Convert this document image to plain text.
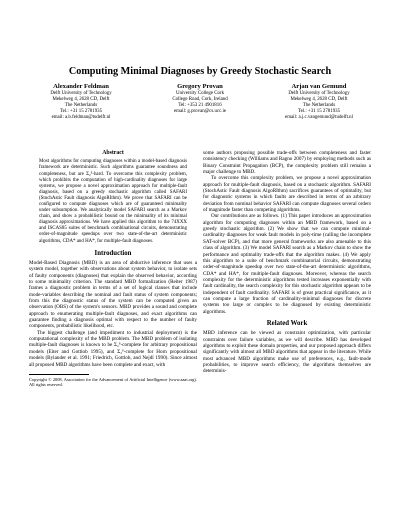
Computing Minimal Diagnoses by Greedy Stochastic Search
Alexander Feldman
Delft University of Technology
Mekelweg 4, 2628 CD, Delft
The Netherlands
Tel.: +31 15 2781935
email: a.b.feldman@tudelft.nl
Gregory Provan
University College Cork
College Road, Cork, Ireland
Tel: +353 21 4901816
email: g.provan@cs.ucc.ie
Arjan van Gemund
Delft University of Technology
Mekelweg 4, 2628 CD, Delft
The Netherlands
Tel.: +31 15 2781935
email: a.j.c.vangemund@tudelft.nl
Abstract

Most algorithms for computing diagnoses within a model-based diagnosis framework are deterministic. Such algorithms guarantee soundness and completeness, but are Σ₂ᴾ-hard. To overcome this complexity problem, which prohibits the computation of high-cardinality diagnoses for large systems, we propose a novel approximation approach for multiple-fault diagnosis, based on a greedy stochastic algorithm called SAFARI (StochAstic Fault diagnosis AlgoRIthm). We prove that SAFARI can be configured to compute diagnoses which are of guaranteed minimality under subsumption. We analytically model SAFARI search as a Markov chain, and show a probabilistic bound on the minimality of its minimal diagnosis approximations. We have applied this algorithm to the 74XXX and ISCAS85 suites of benchmark combinational circuits, demonstrating order-of-magnitude speedups over two state-of-the-art deterministic algorithms, CDA* and HA*, for multiple-fault diagnoses.

Introduction

Model-Based Diagnosis (MBD) is an area of abductive inference that uses a system model, together with observations about system behavior, to isolate sets of faulty components (diagnoses) that explain the observed behavior, according to some minimality criterion. The standard MBD formalization (Reiter 1987) frames a diagnostic problem in terms of a set of logical clauses that include mode-variables describing the nominal and fault status of system components; from this the diagnostic status of the system can be computed given an observation (OBS) of the system's sensors. MBD provides a sound and complete approach to enumerating multiple-fault diagnoses, and exact algorithms can guarantee finding a diagnosis optimal with respect to the number of faulty components, probabilistic likelihood, etc.

The biggest challenge (and impediment to industrial deployment) is the computational complexity of the MBD problem. The MBD problem of isolating multiple-fault diagnoses is known to be Σ₂ᴾ-complete for arbitrary propositional models (Eiter and Gottlob 1995), and Σ₂ᴾ-complete for Horn propositional models (Bylander et al. 1991; Friedrich, Gottlob, and Nejdl 1990). Since almost all proposed MBD algorithms have been complete and exact, with

Copyright © 2008, Association for the Advancement of Artificial Intelligence (www.aaai.org). All rights reserved.

some authors proposing possible trade-offs between completeness and faster consistency checking (Williams and Ragno 2007) by employing methods such as Binary Constraint Propagation (BCP), the complexity problem still remains a major challenge to MBD.

To overcome this complexity problem, we propose a novel approximation approach for multiple-fault diagnosis, based on a stochastic algorithm. SAFARI (StochAstic Fault diagnosis AlgoRIthm) sacrifices guarantees of optimality, but for diagnostic systems in which faults are described in terms of an arbitrary deviation from nominal behavior SAFARI can compute diagnoses several orders of magnitude faster than competing algorithms.

Our contributions are as follows. (1) This paper introduces an approximation algorithm for computing diagnoses within an MBD framework, based on a greedy stochastic algorithm. (2) We show that we can compute minimal-cardinality diagnoses for weak fault models in poly-time (calling the incomplete SAT-solver BCP), and that more general frameworks are also amenable to this class of algorithm. (3) We model SAFARI search as a Markov chain to show the performance and optimality trade-offs that the algorithm makes. (4) We apply this algorithm to a suite of benchmark combinatorial circuits, demonstrating order-of-magnitude speedup over two state-of-the-art deterministic algorithms, CDA* and HA*, for multiple-fault diagnoses. Moreover, whereas the search complexity for the deterministic algorithms tested increases exponentially with fault cardinality, the search complexity for this stochastic algorithm appears to be independent of fault cardinality. SAFARI is of great practical significance, as it can compute a large fraction of cardinality-minimal diagnoses for discrete systems too large or complex to be diagnosed by existing deterministic algorithms.

Related Work

MBD inference can be viewed as constraint optimization, with particular constraints over failure variables, as we will describe. MBD has developed algorithms to exploit these domain properties, and our proposed approach differs significantly with almost all MBD algorithms that appear in the literature. While most advanced MBD algorithms make use of preferences, e.g., fault-mode probabilities, to improve search efficiency, the algorithms themselves are determinis-
